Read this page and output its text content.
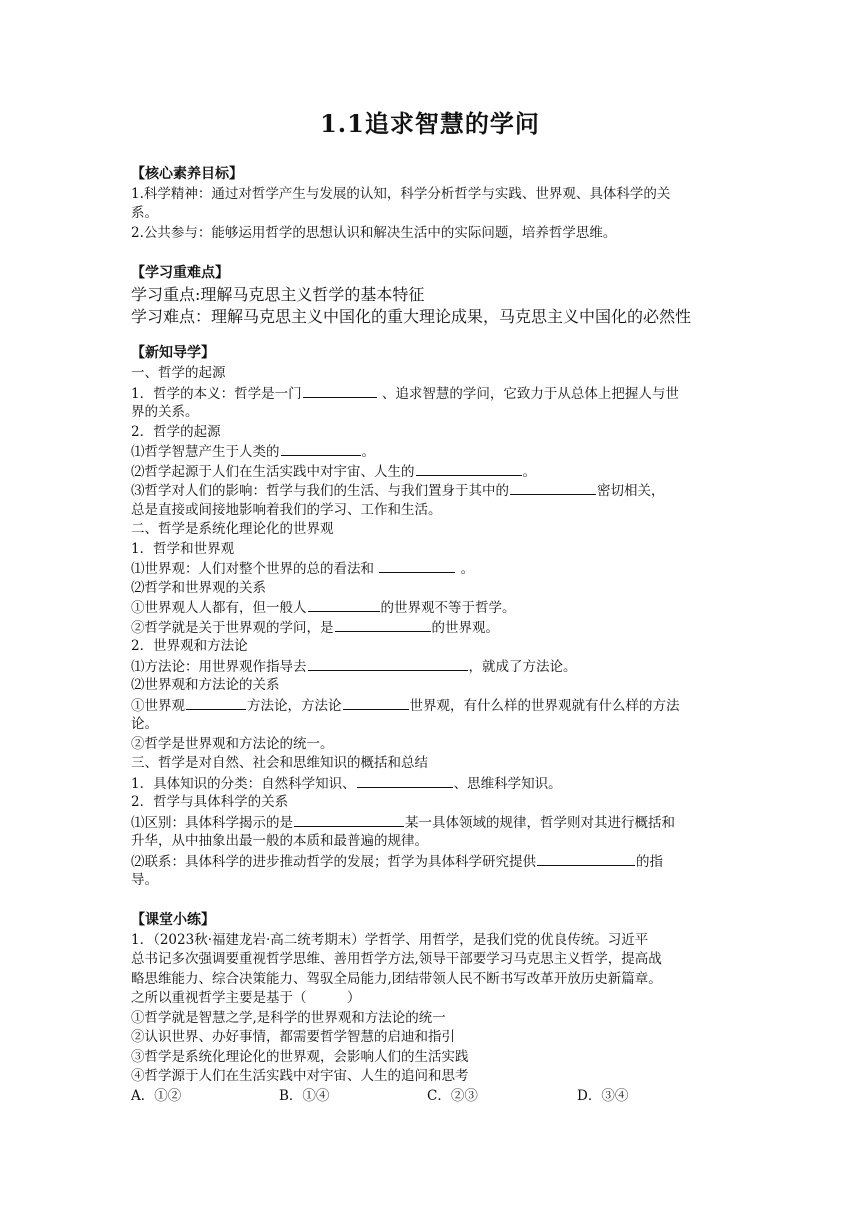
1.1追求智慧的学问
【核心素养目标】
1.科学精神：通过对哲学产生与发展的认知，科学分析哲学与实践、世界观、具体科学的关
系。
2.公共参与：能够运用哲学的思想认识和解决生活中的实际问题，培养哲学思维。
【学习重难点】
学习重点:理解马克思主义哲学的基本特征
学习难点：理解马克思主义中国化的重大理论成果，马克思主义中国化的必然性
【新知导学】
一、哲学的起源
1．哲学的本义：哲学是一门	、追求智慧的学问，它致力于从总体上把握人与世
界的关系。
2．哲学的起源
⑴哲学智慧产生于人类的	。
⑵哲学起源于人们在生活实践中对宇宙、人生的	。
⑶哲学对人们的影响：哲学与我们的生活、与我们置身于其中的	密切相关，
总是直接或间接地影响着我们的学习、工作和生活。
二、哲学是系统化理论化的世界观
1．哲学和世界观
⑴世界观：人们对整个世界的总的看法和	。
⑵哲学和世界观的关系
①世界观人人都有，但一般人	的世界观不等于哲学。
②哲学就是关于世界观的学问，是	的世界观。
2．世界观和方法论
⑴方法论：用世界观作指导去	，就成了方法论。
⑵世界观和方法论的关系
①世界观	方法论，方法论	世界观，有什么样的世界观就有什么样的方法
论。
②哲学是世界观和方法论的统一。
三、哲学是对自然、社会和思维知识的概括和总结
1．具体知识的分类：自然科学知识、	、思维科学知识。
2．哲学与具体科学的关系
⑴区别：具体科学揭示的是	某一具体领域的规律，哲学则对其进行概括和
升华，从中抽象出最一般的本质和最普遍的规律。
⑵联系：具体科学的进步推动哲学的发展；哲学为具体科学研究提供	的指
导。
【课堂小练】
1．（2023秋·福建龙岩·高二统考期末）学哲学、用哲学，是我们党的优良传统。习近平
总书记多次强调要重视哲学思维、善用哲学方法,领导干部要学习马克思主义哲学，提高战
略思维能力、综合决策能力、驾驭全局能力,团结带领人民不断书写改革开放历史新篇章。
之所以重视哲学主要是基于（　　　）
①哲学就是智慧之学,是科学的世界观和方法论的统一
②认识世界、办好事情，都需要哲学智慧的启迪和指引
③哲学是系统化理论化的世界观，会影响人们的生活实践
④哲学源于人们在生活实践中对宇宙、人生的追问和思考
A．①②	B．①④	C．②③	D．③④
